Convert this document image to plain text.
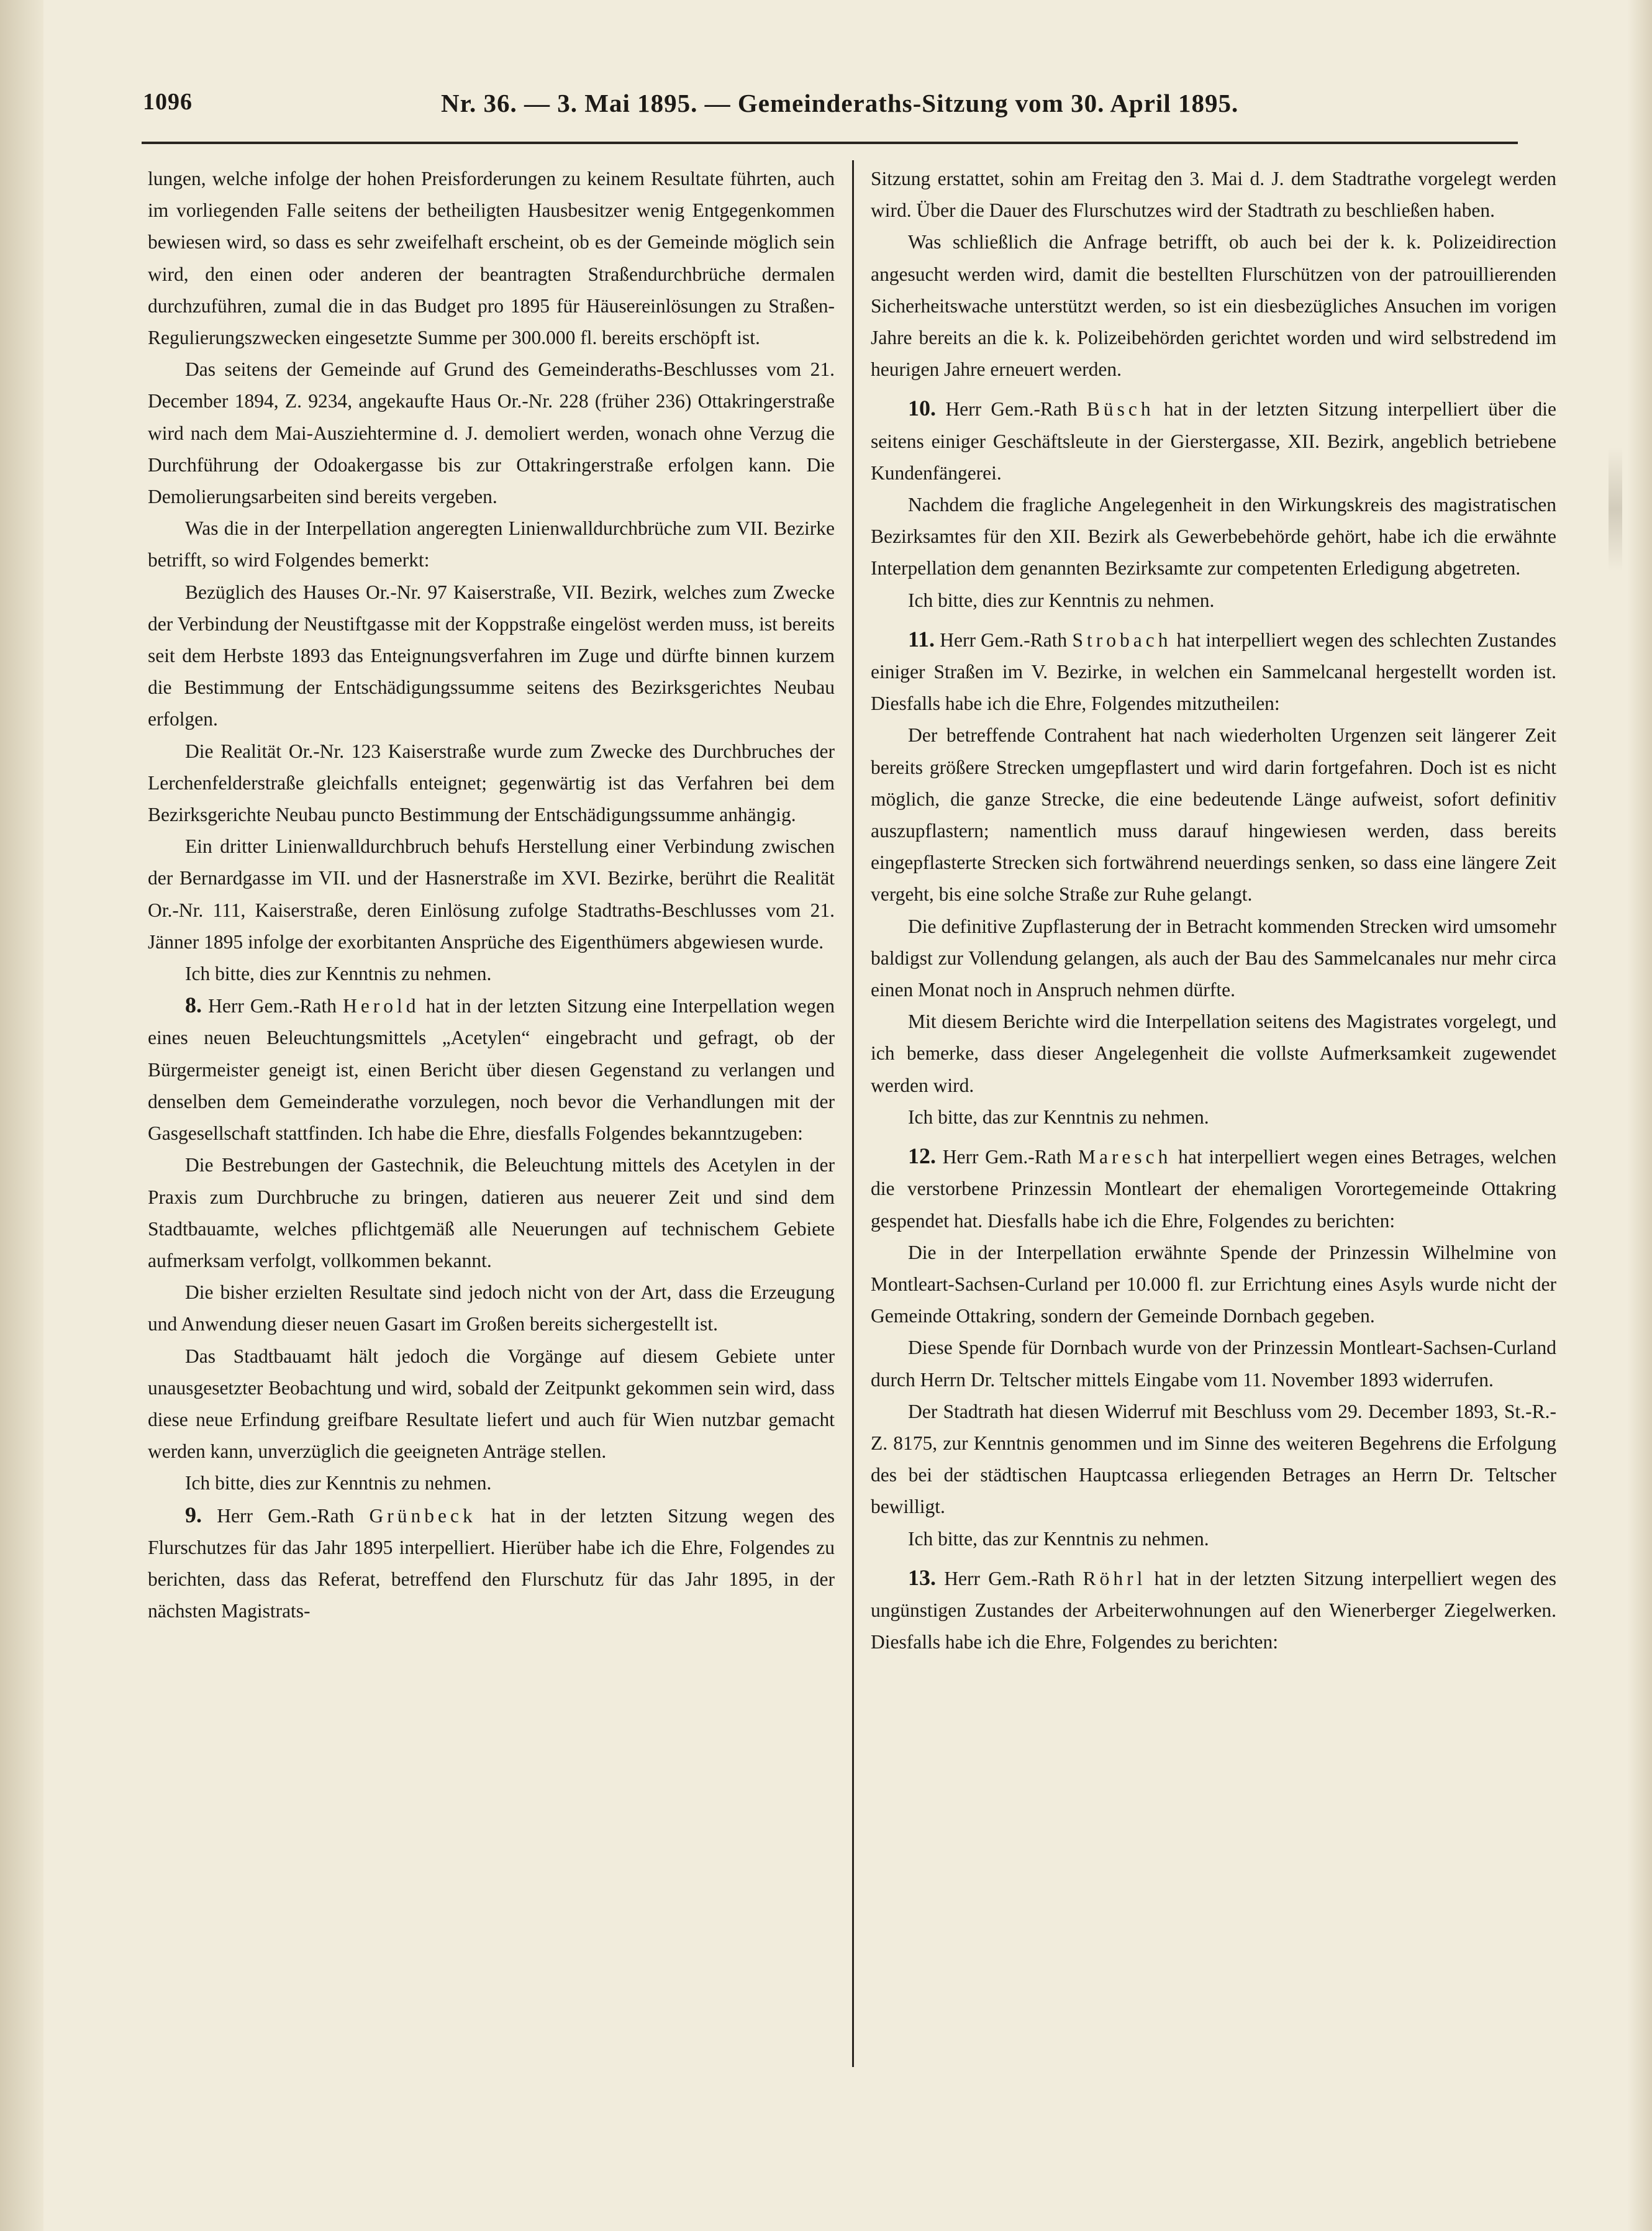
1096	Nr. 36. — 3. Mai 1895. — Gemeinderaths-Sitzung vom 30. April 1895.

lungen, welche infolge der hohen Preisforderungen zu keinem Resultate führten, auch im vorliegenden Falle seitens der betheiligten Hausbesitzer wenig Entgegenkommen bewiesen wird, so dass es sehr zweifelhaft erscheint, ob es der Gemeinde möglich sein wird, den einen oder anderen der beantragten Straßendurchbrüche dermalen durchzuführen, zumal die in das Budget pro 1895 für Häusereinlösungen zu Straßen-Regulierungszwecken eingesetzte Summe per 300.000 fl. bereits erschöpft ist.

Das seitens der Gemeinde auf Grund des Gemeinderaths-Beschlusses vom 21. December 1894, Z. 9234, angekaufte Haus Or.-Nr. 228 (früher 236) Ottakringerstraße wird nach dem Mai-Ausziehtermine d. J. demoliert werden, wonach ohne Verzug die Durchführung der Odoakergasse bis zur Ottakringerstraße erfolgen kann. Die Demolierungsarbeiten sind bereits vergeben.

Was die in der Interpellation angeregten Linienwalldurchbrüche zum VII. Bezirke betrifft, so wird Folgendes bemerkt:

Bezüglich des Hauses Or.-Nr. 97 Kaiserstraße, VII. Bezirk, welches zum Zwecke der Verbindung der Neustiftgasse mit der Koppstraße eingelöst werden muss, ist bereits seit dem Herbste 1893 das Enteignungsverfahren im Zuge und dürfte binnen kurzem die Bestimmung der Entschädigungssumme seitens des Bezirksgerichtes Neubau erfolgen.

Die Realität Or.-Nr. 123 Kaiserstraße wurde zum Zwecke des Durchbruches der Lerchenfelderstraße gleichfalls enteignet; gegenwärtig ist das Verfahren bei dem Bezirksgerichte Neubau puncto Bestimmung der Entschädigungssumme anhängig.

Ein dritter Linienwalldurchbruch behufs Herstellung einer Verbindung zwischen der Bernardgasse im VII. und der Hasnerstraße im XVI. Bezirke, berührt die Realität Or.-Nr. 111, Kaiserstraße, deren Einlösung zufolge Stadtraths-Beschlusses vom 21. Jänner 1895 infolge der exorbitanten Ansprüche des Eigenthümers abgewiesen wurde.

Ich bitte, dies zur Kenntnis zu nehmen.

8. Herr Gem.-Rath Herold hat in der letzten Sitzung eine Interpellation wegen eines neuen Beleuchtungsmittels „Acetylen“ eingebracht und gefragt, ob der Bürgermeister geneigt ist, einen Bericht über diesen Gegenstand zu verlangen und denselben dem Gemeinderathe vorzulegen, noch bevor die Verhandlungen mit der Gasgesellschaft stattfinden. Ich habe die Ehre, diesfalls Folgendes bekanntzugeben:

Die Bestrebungen der Gastechnik, die Beleuchtung mittels des Acetylen in der Praxis zum Durchbruche zu bringen, datieren aus neuerer Zeit und sind dem Stadtbauamte, welches pflichtgemäß alle Neuerungen auf technischem Gebiete aufmerksam verfolgt, vollkommen bekannt.

Die bisher erzielten Resultate sind jedoch nicht von der Art, dass die Erzeugung und Anwendung dieser neuen Gasart im Großen bereits sichergestellt ist.

Das Stadtbauamt hält jedoch die Vorgänge auf diesem Gebiete unter unausgesetzter Beobachtung und wird, sobald der Zeitpunkt gekommen sein wird, dass diese neue Erfindung greifbare Resultate liefert und auch für Wien nutzbar gemacht werden kann, unverzüglich die geeigneten Anträge stellen.

Ich bitte, dies zur Kenntnis zu nehmen.

9. Herr Gem.-Rath Grünbeck hat in der letzten Sitzung wegen des Flurschutzes für das Jahr 1895 interpelliert. Hierüber habe ich die Ehre, Folgendes zu berichten, dass das Referat, betreffend den Flurschutz für das Jahr 1895, in der nächsten Magistrats-

Sitzung erstattet, sohin am Freitag den 3. Mai d. J. dem Stadtrathe vorgelegt werden wird. Über die Dauer des Flurschutzes wird der Stadtrath zu beschließen haben.

Was schließlich die Anfrage betrifft, ob auch bei der k. k. Polizeidirection angesucht werden wird, damit die bestellten Flurschützen von der patrouillierenden Sicherheitswache unterstützt werden, so ist ein diesbezügliches Ansuchen im vorigen Jahre bereits an die k. k. Polizeibehörden gerichtet worden und wird selbstredend im heurigen Jahre erneuert werden.

10. Herr Gem.-Rath Büsch hat in der letzten Sitzung interpelliert über die seitens einiger Geschäftsleute in der Gierstergasse, XII. Bezirk, angeblich betriebene Kundenfängerei.

Nachdem die fragliche Angelegenheit in den Wirkungskreis des magistratischen Bezirksamtes für den XII. Bezirk als Gewerbebehörde gehört, habe ich die erwähnte Interpellation dem genannten Bezirksamte zur competenten Erledigung abgetreten.

Ich bitte, dies zur Kenntnis zu nehmen.

11. Herr Gem.-Rath Strobach hat interpelliert wegen des schlechten Zustandes einiger Straßen im V. Bezirke, in welchen ein Sammelcanal hergestellt worden ist. Diesfalls habe ich die Ehre, Folgendes mitzutheilen:

Der betreffende Contrahent hat nach wiederholten Urgenzen seit längerer Zeit bereits größere Strecken umgepflastert und wird darin fortgefahren. Doch ist es nicht möglich, die ganze Strecke, die eine bedeutende Länge aufweist, sofort definitiv auszupflastern; namentlich muss darauf hingewiesen werden, dass bereits eingepflasterte Strecken sich fortwährend neuerdings senken, so dass eine längere Zeit vergeht, bis eine solche Straße zur Ruhe gelangt.

Die definitive Zupflasterung der in Betracht kommenden Strecken wird umsomehr baldigst zur Vollendung gelangen, als auch der Bau des Sammelcanales nur mehr circa einen Monat noch in Anspruch nehmen dürfte.

Mit diesem Berichte wird die Interpellation seitens des Magistrates vorgelegt, und ich bemerke, dass dieser Angelegenheit die vollste Aufmerksamkeit zugewendet werden wird.

Ich bitte, das zur Kenntnis zu nehmen.

12. Herr Gem.-Rath Maresch hat interpelliert wegen eines Betrages, welchen die verstorbene Prinzessin Montleart der ehemaligen Vorortegemeinde Ottakring gespendet hat. Diesfalls habe ich die Ehre, Folgendes zu berichten:

Die in der Interpellation erwähnte Spende der Prinzessin Wilhelmine von Montleart-Sachsen-Curland per 10.000 fl. zur Errichtung eines Asyls wurde nicht der Gemeinde Ottakring, sondern der Gemeinde Dornbach gegeben.

Diese Spende für Dornbach wurde von der Prinzessin Montleart-Sachsen-Curland durch Herrn Dr. Teltscher mittels Eingabe vom 11. November 1893 widerrufen.

Der Stadtrath hat diesen Widerruf mit Beschluss vom 29. December 1893, St.-R.-Z. 8175, zur Kenntnis genommen und im Sinne des weiteren Begehrens die Erfolgung des bei der städtischen Hauptcassa erliegenden Betrages an Herrn Dr. Teltscher bewilligt.

Ich bitte, das zur Kenntnis zu nehmen.

13. Herr Gem.-Rath Röhrl hat in der letzten Sitzung interpelliert wegen des ungünstigen Zustandes der Arbeiterwohnungen auf den Wienerberger Ziegelwerken. Diesfalls habe ich die Ehre, Folgendes zu berichten:
